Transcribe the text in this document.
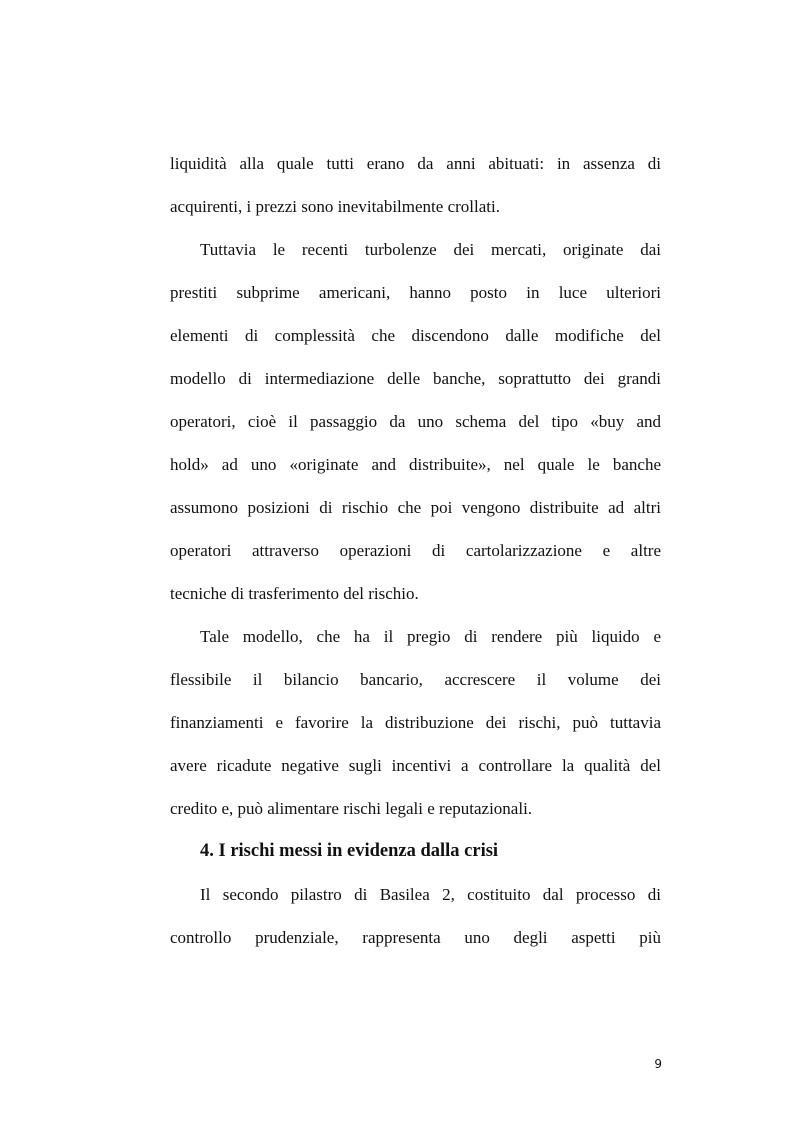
liquidità alla quale tutti erano da anni abituati: in assenza di
acquirenti, i prezzi sono inevitabilmente crollati.
Tuttavia le recenti turbolenze dei mercati, originate dai
prestiti subprime americani, hanno posto in luce ulteriori
elementi di complessità che discendono dalle modifiche del
modello di intermediazione delle banche, soprattutto dei grandi
operatori, cioè il passaggio da uno schema del tipo «buy and
hold» ad uno «originate and distribuite», nel quale le banche
assumono posizioni di rischio che poi vengono distribuite ad altri
operatori attraverso operazioni di cartolarizzazione e altre
tecniche di trasferimento del rischio.
Tale modello, che ha il pregio di rendere più liquido e
flessibile il bilancio bancario, accrescere il volume dei
finanziamenti e favorire la distribuzione dei rischi, può tuttavia
avere ricadute negative sugli incentivi a controllare la qualità del
credito e, può alimentare rischi legali e reputazionali.
4. I rischi messi in evidenza dalla crisi
Il secondo pilastro di Basilea 2, costituito dal processo di
controllo prudenziale, rappresenta uno degli aspetti più
9
